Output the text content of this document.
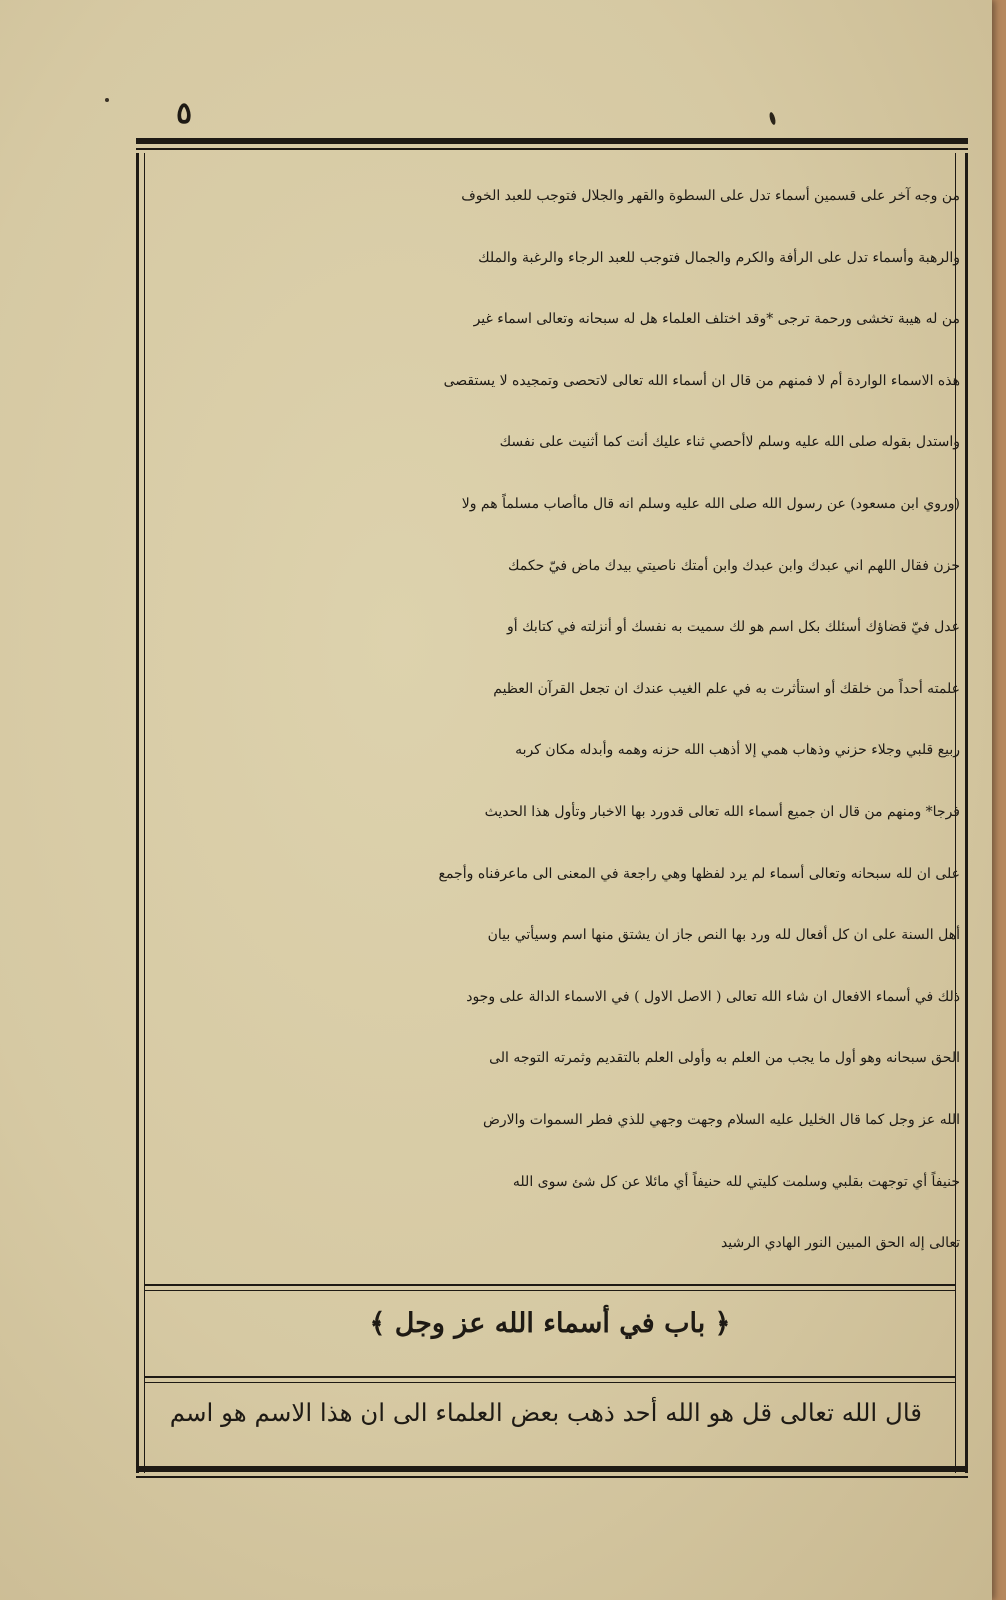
٥
من وجه آخر على قسمين أسماء تدل على السطوة والقهر والجلال فتوجب للعبد الخوف
والرهبة وأسماء تدل على الرأفة والكرم والجمال فتوجب للعبد الرجاء والرغبة والملك
من له هيبة تخشى ورحمة ترجى *وقد اختلف العلماء هل له سبحانه وتعالى اسماء غير
هذه الاسماء الواردة أم لا فمنهم من قال ان أسماء الله تعالى لاتحصى وتمجيده لا يستقصى
واستدل بقوله صلى الله عليه وسلم لاأحصي ثناء عليك أنت كما أثنيت على نفسك
(وروي ابن مسعود) عن رسول الله صلى الله عليه وسلم انه قال ماأصاب مسلماً هم ولا
حزن فقال اللهم اني عبدك وابن عبدك وابن أمتك ناصيتي بيدك ماض فيّ حكمك
عدل فيّ قضاؤك أسئلك بكل اسم هو لك سميت به نفسك أو أنزلته في كتابك أو
علمته أحداً من خلقك أو استأثرت به في علم الغيب عندك ان تجعل القرآن العظيم
ربيع قلبي وجلاء حزني وذهاب همي إلا أذهب الله حزنه وهمه وأبدله مكان كربه
فرجا* ومنهم من قال ان جميع أسماء الله تعالى قدورد بها الاخبار وتأول هذا الحديث
على ان لله سبحانه وتعالى أسماء لم يرد لفظها وهي راجعة في المعنى الى ماعرفناه وأجمع
أهل السنة على ان كل أفعال لله ورد بها النص جاز ان يشتق منها اسم وسيأتي بيان
ذلك في أسماء الافعال ان شاء الله تعالى ( الاصل الاول ) في الاسماء الدالة على وجود
الحق سبحانه وهو أول ما يجب من العلم به وأولى العلم بالتقديم وثمرته التوجه الى
الله عز وجل كما قال الخليل عليه السلام وجهت وجهي للذي فطر السموات والارض
حنيفاً أي توجهت بقلبي وسلمت كليتي لله حنيفاً أي مائلا عن كل شئ سوى الله
تعالى إله الحق المبين النور الهادي الرشيد
﴿ باب في أسماء الله عز وجل ﴾
قال الله تعالى قل هو الله أحد ذهب بعض العلماء الى ان هذا الاسم هو اسم
